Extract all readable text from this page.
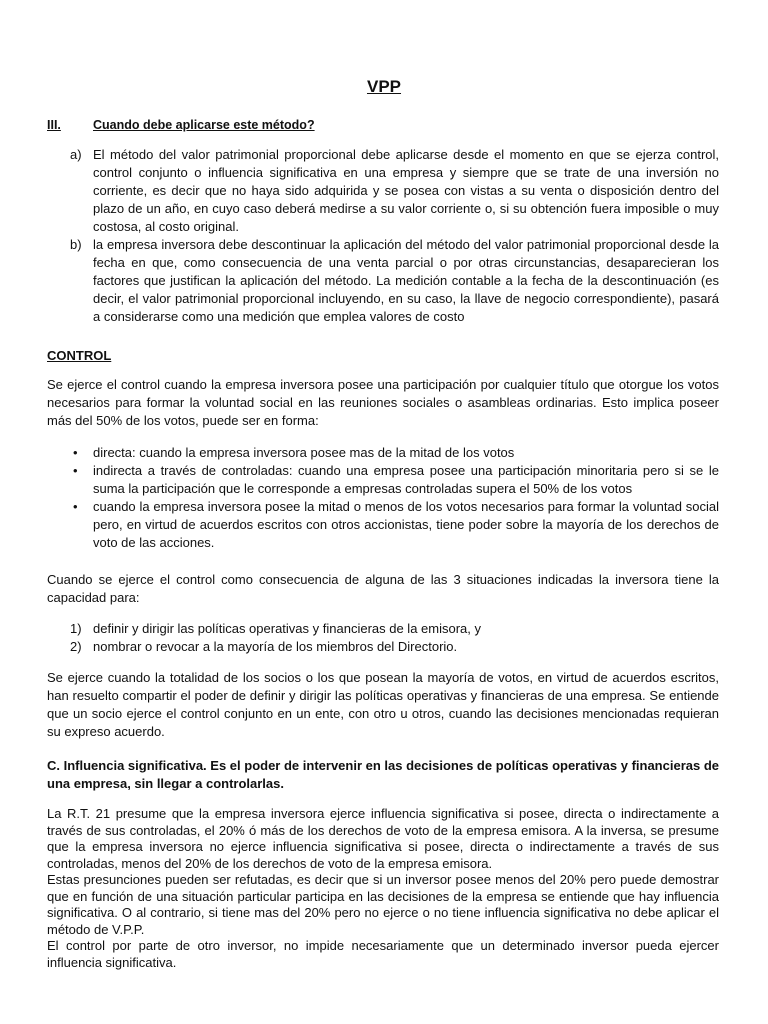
VPP
III.	Cuando debe aplicarse este método?
a) El método del valor patrimonial proporcional debe aplicarse desde el momento en que se ejerza control, control conjunto o influencia significativa en una empresa y siempre que se trate de una inversión no corriente, es decir que no haya sido adquirida y se posea con vistas a su venta o disposición dentro del plazo de un año, en cuyo caso deberá medirse a su valor corriente o, si su obtención fuera imposible o muy costosa, al costo original.
b) la empresa inversora debe descontinuar la aplicación del método del valor patrimonial proporcional desde la fecha en que, como consecuencia de una venta parcial o por otras circunstancias, desaparecieran los factores que justifican la aplicación del método. La medición contable a la fecha de la descontinuación (es decir, el valor patrimonial proporcional incluyendo, en su caso, la llave de negocio correspondiente), pasará a considerarse como una medición que emplea valores de costo
CONTROL
Se ejerce el control cuando la empresa inversora posee una participación por cualquier título que otorgue los votos necesarios para formar la voluntad social en las reuniones sociales o asambleas ordinarias. Esto implica poseer más del 50% de los votos, puede ser en forma:
• directa: cuando la empresa inversora posee mas de la mitad de los votos
• indirecta a través de controladas: cuando una empresa posee una participación minoritaria pero si se le suma la participación que le corresponde a empresas controladas supera el 50% de los votos
• cuando la empresa inversora posee la mitad o menos de los votos necesarios para formar la voluntad social pero, en virtud de acuerdos escritos con otros accionistas, tiene poder sobre la mayoría de los derechos de voto de las acciones.
Cuando se ejerce el control como consecuencia de alguna de las 3 situaciones indicadas la inversora tiene la capacidad para:
1) definir y dirigir las políticas operativas y financieras de la emisora, y
2) nombrar o revocar a la mayoría de los miembros del Directorio.
Se ejerce cuando la totalidad de los socios o los que posean la mayoría de votos, en virtud de acuerdos escritos, han resuelto compartir el poder de definir y dirigir las políticas operativas y financieras de una empresa. Se entiende que un socio ejerce el control conjunto en un ente, con otro u otros, cuando las decisiones mencionadas requieran su expreso acuerdo.
C. Influencia significativa. Es el poder de intervenir en las decisiones de políticas operativas y financieras de una empresa, sin llegar a controlarlas.
La R.T. 21 presume que la empresa inversora ejerce influencia significativa si posee, directa o indirectamente a través de sus controladas, el 20% ó más de los derechos de voto de la empresa emisora. A la inversa, se presume que la empresa inversora no ejerce influencia significativa si posee, directa o indirectamente a través de sus controladas, menos del 20% de los derechos de voto de la empresa emisora.
Estas presunciones pueden ser refutadas, es decir que si un inversor posee menos del 20% pero puede demostrar que en función de una situación particular participa en las decisiones de la empresa se entiende que hay influencia significativa. O al contrario, si tiene mas del 20% pero no ejerce o no tiene influencia significativa no debe aplicar el método de V.P.P.
El control por parte de otro inversor, no impide necesariamente que un determinado inversor pueda ejercer influencia significativa.
